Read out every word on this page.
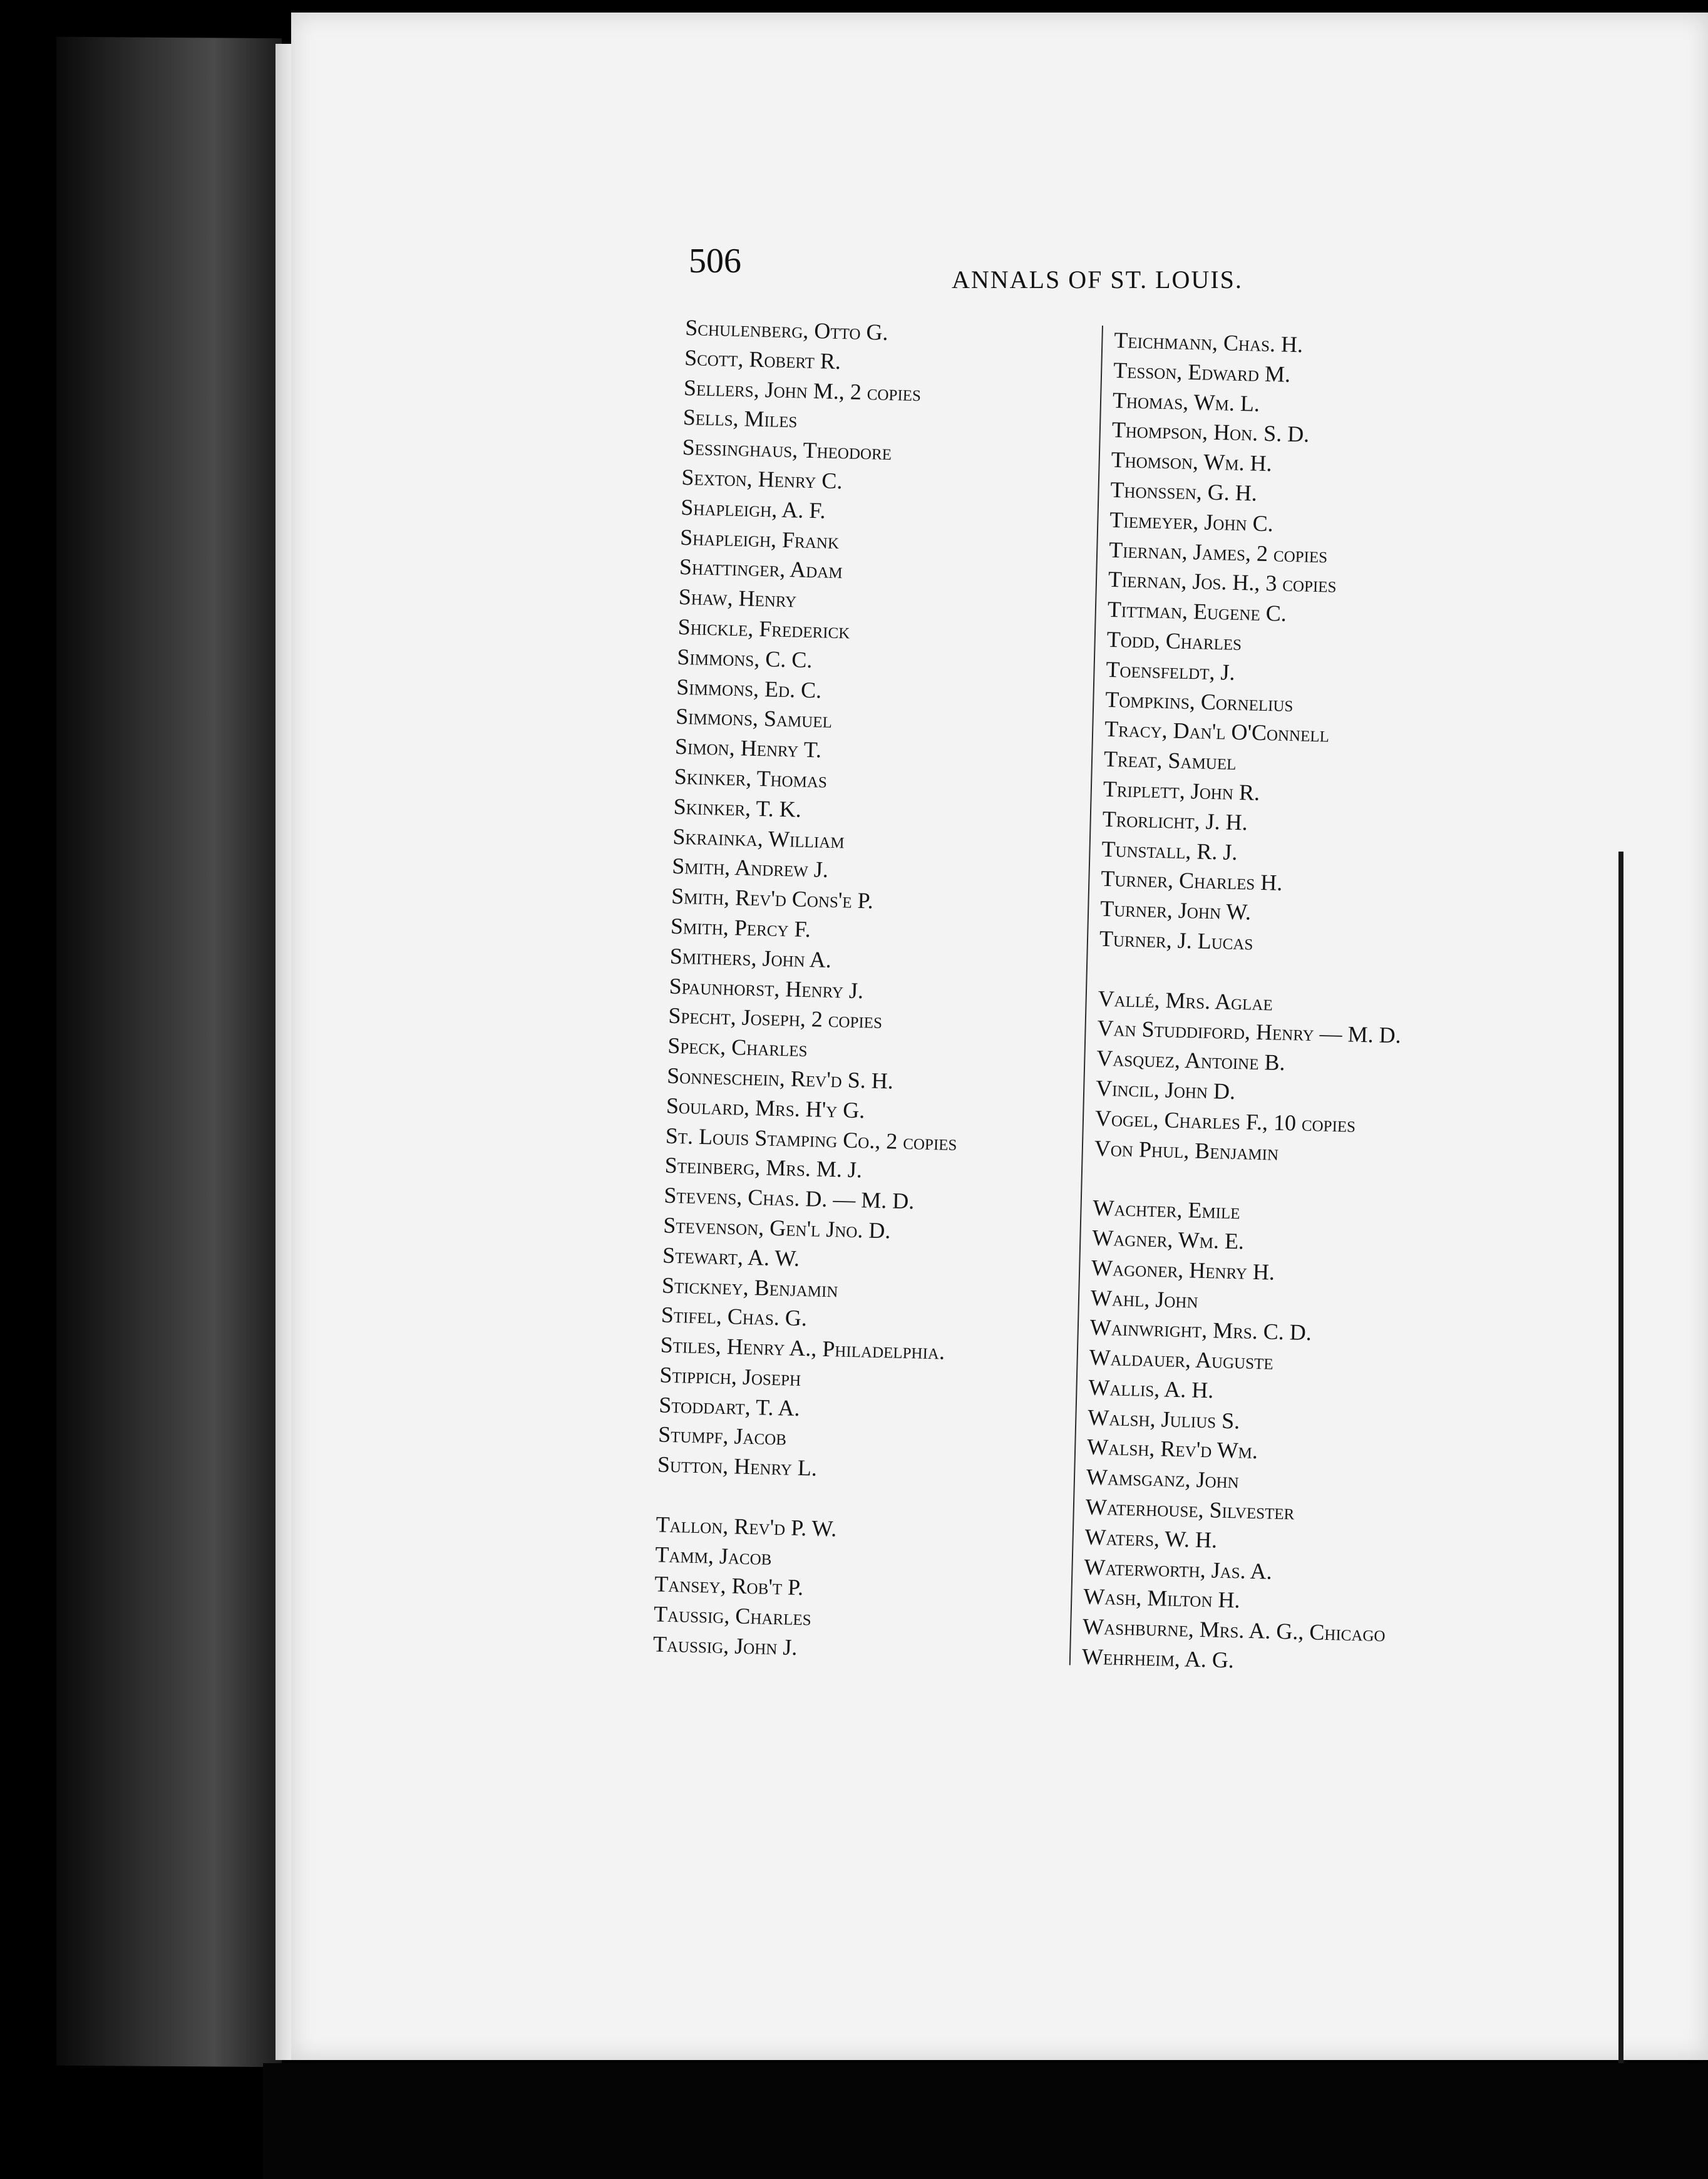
506	ANNALS OF ST. LOUIS.
Schulenberg, Otto G.
Scott, Robert R.
Sellers, John M., 2 copies
Sells, Miles
Sessinghaus, Theodore
Sexton, Henry C.
Shapleigh, A. F.
Shapleigh, Frank
Shattinger, Adam
Shaw, Henry
Shickle, Frederick
Simmons, C. C.
Simmons, Ed. C.
Simmons, Samuel
Simon, Henry T.
Skinker, Thomas
Skinker, T. K.
Skrainka, William
Smith, Andrew J.
Smith, Rev'd Cons'e P.
Smith, Percy F.
Smithers, John A.
Spaunhorst, Henry J.
Specht, Joseph, 2 copies
Speck, Charles
Sonneschein, Rev'd S. H.
Soulard, Mrs. H'y G.
St. Louis Stamping Co., 2 copies
Steinberg, Mrs. M. J.
Stevens, Chas. D. — M. D.
Stevenson, Gen'l Jno. D.
Stewart, A. W.
Stickney, Benjamin
Stifel, Chas. G.
Stiles, Henry A., Philadelphia.
Stippich, Joseph
Stoddart, T. A.
Stumpf, Jacob
Sutton, Henry L.
Tallon, Rev'd P. W.
Tamm, Jacob
Tansey, Rob't P.
Taussig, Charles
Taussig, John J.
Teichmann, Chas. H.
Tesson, Edward M.
Thomas, Wm. L.
Thompson, Hon. S. D.
Thomson, Wm. H.
Thonssen, G. H.
Tiemeyer, John C.
Tiernan, James, 2 copies
Tiernan, Jos. H., 3 copies
Tittman, Eugene C.
Todd, Charles
Toensfeldt, J.
Tompkins, Cornelius
Tracy, Dan'l O'Connell
Treat, Samuel
Triplett, John R.
Trorlicht, J. H.
Tunstall, R. J.
Turner, Charles H.
Turner, John W.
Turner, J. Lucas
Vallé, Mrs. Aglae
Van Studdiford, Henry — M. D.
Vasquez, Antoine B.
Vincil, John D.
Vogel, Charles F., 10 copies
Von Phul, Benjamin
Wachter, Emile
Wagner, Wm. E.
Wagoner, Henry H.
Wahl, John
Wainwright, Mrs. C. D.
Waldauer, Auguste
Wallis, A. H.
Walsh, Julius S.
Walsh, Rev'd Wm.
Wamsganz, John
Waterhouse, Silvester
Waters, W. H.
Waterworth, Jas. A.
Wash, Milton H.
Washburne, Mrs. A. G., Chicago
Wehrheim, A. G.
